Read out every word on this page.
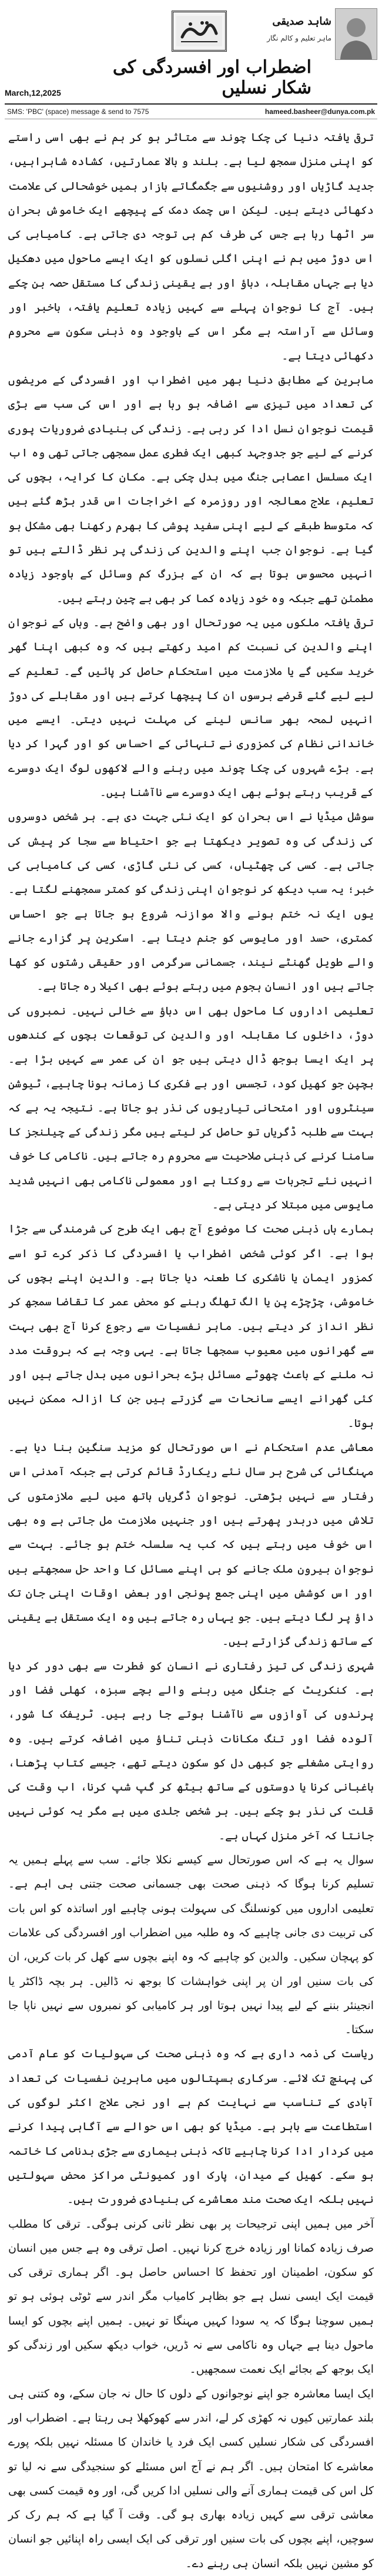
اضطراب اور افسردگی کی شکار نسلیں
March,12,2025
شاہد صدیقی
ماہر تعلیم و کالم نگار
SMS: 'PBC' (space) message & send to 7575	hameed.basheer@dunya.com.pk

ترقی یافتہ دنیا کی چکا چوند سے متاثر ہو کر ہم نے بھی اسی راستے کو اپنی منزل سمجھ لیا ہے۔ بلند و بالا عمارتیں، کشادہ شاہراہیں، جدید گاڑیاں اور روشنیوں سے جگمگاتے بازار ہمیں خوشحالی کی علامت دکھائی دیتے ہیں۔ لیکن اس چمک دمک کے پیچھے ایک خاموش بحران سر اٹھا رہا ہے جس کی طرف کم ہی توجہ دی جاتی ہے۔ کامیابی کی اس دوڑ میں ہم نے اپنی اگلی نسلوں کو ایک ایسے ماحول میں دھکیل دیا ہے جہاں مقابلہ، دباؤ اور بے یقینی زندگی کا مستقل حصہ بن چکے ہیں۔ آج کا نوجوان پہلے سے کہیں زیادہ تعلیم یافتہ، باخبر اور وسائل سے آراستہ ہے مگر اس کے باوجود وہ ذہنی سکون سے محروم دکھائی دیتا ہے۔

ماہرین کے مطابق دنیا بھر میں اضطراب اور افسردگی کے مریضوں کی تعداد میں تیزی سے اضافہ ہو رہا ہے اور اس کی سب سے بڑی قیمت نوجوان نسل ادا کر رہی ہے۔ زندگی کی بنیادی ضروریات پوری کرنے کے لیے جو جدوجہد کبھی ایک فطری عمل سمجھی جاتی تھی وہ اب ایک مسلسل اعصابی جنگ میں بدل چکی ہے۔ مکان کا کرایہ، بچوں کی تعلیم، علاج معالجہ اور روزمرہ کے اخراجات اس قدر بڑھ گئے ہیں کہ متوسط طبقے کے لیے اپنی سفید پوشی کا بھرم رکھنا بھی مشکل ہو گیا ہے۔ نوجوان جب اپنے والدین کی زندگی پر نظر ڈالتے ہیں تو انہیں محسوس ہوتا ہے کہ ان کے بزرگ کم وسائل کے باوجود زیادہ مطمئن تھے جبکہ وہ خود زیادہ کما کر بھی بے چین رہتے ہیں۔

ترقی یافتہ ملکوں میں یہ صورتحال اور بھی واضح ہے۔ وہاں کے نوجوان اپنے والدین کی نسبت کم امید رکھتے ہیں کہ وہ کبھی اپنا گھر خرید سکیں گے یا ملازمت میں استحکام حاصل کر پائیں گے۔ تعلیم کے لیے لیے گئے قرضے برسوں ان کا پیچھا کرتے ہیں اور مقابلے کی دوڑ انہیں لمحہ بھر سانس لینے کی مہلت نہیں دیتی۔ ایسے میں خاندانی نظام کی کمزوری نے تنہائی کے احساس کو اور گہرا کر دیا ہے۔ بڑے شہروں کی چکا چوند میں رہنے والے لاکھوں لوگ ایک دوسرے کے قریب رہتے ہوئے بھی ایک دوسرے سے ناآشنا ہیں۔

سوشل میڈیا نے اس بحران کو ایک نئی جہت دی ہے۔ ہر شخص دوسروں کی زندگی کی وہ تصویر دیکھتا ہے جو احتیاط سے سجا کر پیش کی جاتی ہے۔ کسی کی چھٹیاں، کسی کی نئی گاڑی، کسی کی کامیابی کی خبر؛ یہ سب دیکھ کر نوجوان اپنی زندگی کو کمتر سمجھنے لگتا ہے۔ یوں ایک نہ ختم ہونے والا موازنہ شروع ہو جاتا ہے جو احساس کمتری، حسد اور مایوسی کو جنم دیتا ہے۔ اسکرین پر گزارے جانے والے طویل گھنٹے نیند، جسمانی سرگرمی اور حقیقی رشتوں کو کھا جاتے ہیں اور انسان ہجوم میں رہتے ہوئے بھی اکیلا رہ جاتا ہے۔

تعلیمی اداروں کا ماحول بھی اس دباؤ سے خالی نہیں۔ نمبروں کی دوڑ، داخلوں کا مقابلہ اور والدین کی توقعات بچوں کے کندھوں پر ایک ایسا بوجھ ڈال دیتی ہیں جو ان کی عمر سے کہیں بڑا ہے۔ بچپن جو کھیل کود، تجسس اور بے فکری کا زمانہ ہونا چاہیے، ٹیوشن سینٹروں اور امتحانی تیاریوں کی نذر ہو جاتا ہے۔ نتیجہ یہ ہے کہ بہت سے طلبہ ڈگریاں تو حاصل کر لیتے ہیں مگر زندگی کے چیلنجز کا سامنا کرنے کی ذہنی صلاحیت سے محروم رہ جاتے ہیں۔ ناکامی کا خوف انہیں نئے تجربات سے روکتا ہے اور معمولی ناکامی بھی انہیں شدید مایوسی میں مبتلا کر دیتی ہے۔

ہمارے ہاں ذہنی صحت کا موضوع آج بھی ایک طرح کی شرمندگی سے جڑا ہوا ہے۔ اگر کوئی شخص اضطراب یا افسردگی کا ذکر کرے تو اسے کمزور ایمان یا ناشکری کا طعنہ دیا جاتا ہے۔ والدین اپنے بچوں کی خاموشی، چڑچڑے پن یا الگ تھلگ رہنے کو محض عمر کا تقاضا سمجھ کر نظر انداز کر دیتے ہیں۔ ماہر نفسیات سے رجوع کرنا آج بھی بہت سے گھرانوں میں معیوب سمجھا جاتا ہے۔ یہی وجہ ہے کہ بروقت مدد نہ ملنے کے باعث چھوٹے مسائل بڑے بحرانوں میں بدل جاتے ہیں اور کئی گھرانے ایسے سانحات سے گزرتے ہیں جن کا ازالہ ممکن نہیں ہوتا۔

معاشی عدم استحکام نے اس صورتحال کو مزید سنگین بنا دیا ہے۔ مہنگائی کی شرح ہر سال نئے ریکارڈ قائم کرتی ہے جبکہ آمدنی اس رفتار سے نہیں بڑھتی۔ نوجوان ڈگریاں ہاتھ میں لیے ملازمتوں کی تلاش میں دربدر پھرتے ہیں اور جنہیں ملازمت مل جاتی ہے وہ بھی اس خوف میں رہتے ہیں کہ کب یہ سلسلہ ختم ہو جائے۔ بہت سے نوجوان بیرون ملک جانے کو ہی اپنے مسائل کا واحد حل سمجھتے ہیں اور اس کوشش میں اپنی جمع پونجی اور بعض اوقات اپنی جان تک داؤ پر لگا دیتے ہیں۔ جو یہاں رہ جاتے ہیں وہ ایک مستقل بے یقینی کے ساتھ زندگی گزارتے ہیں۔

شہری زندگی کی تیز رفتاری نے انسان کو فطرت سے بھی دور کر دیا ہے۔ کنکریٹ کے جنگل میں رہنے والے بچے سبزہ، کھلی فضا اور پرندوں کی آوازوں سے ناآشنا ہوتے جا رہے ہیں۔ ٹریفک کا شور، آلودہ فضا اور تنگ مکانات ذہنی تناؤ میں اضافہ کرتے ہیں۔ وہ روایتی مشغلے جو کبھی دل کو سکون دیتے تھے، جیسے کتاب پڑھنا، باغبانی کرنا یا دوستوں کے ساتھ بیٹھ کر گپ شپ کرنا، اب وقت کی قلت کی نذر ہو چکے ہیں۔ ہر شخص جلدی میں ہے مگر یہ کوئی نہیں جانتا کہ آخر منزل کہاں ہے۔

سوال یہ ہے کہ اس صورتحال سے کیسے نکلا جائے۔ سب سے پہلے ہمیں یہ تسلیم کرنا ہوگا کہ ذہنی صحت بھی جسمانی صحت جتنی ہی اہم ہے۔ تعلیمی اداروں میں کونسلنگ کی سہولت ہونی چاہیے اور اساتذہ کو اس بات کی تربیت دی جانی چاہیے کہ وہ طلبہ میں اضطراب اور افسردگی کی علامات کو پہچان سکیں۔ والدین کو چاہیے کہ وہ اپنے بچوں سے کھل کر بات کریں، ان کی بات سنیں اور ان پر اپنی خواہشات کا بوجھ نہ ڈالیں۔ ہر بچہ ڈاکٹر یا انجینئر بننے کے لیے پیدا نہیں ہوتا اور ہر کامیابی کو نمبروں سے نہیں ناپا جا سکتا۔

ریاست کی ذمہ داری ہے کہ وہ ذہنی صحت کی سہولیات کو عام آدمی کی پہنچ تک لائے۔ سرکاری ہسپتالوں میں ماہرین نفسیات کی تعداد آبادی کے تناسب سے نہایت کم ہے اور نجی علاج اکثر لوگوں کی استطاعت سے باہر ہے۔ میڈیا کو بھی اس حوالے سے آگاہی پیدا کرنے میں کردار ادا کرنا چاہیے تاکہ ذہنی بیماری سے جڑی بدنامی کا خاتمہ ہو سکے۔ کھیل کے میدان، پارک اور کمیونٹی مراکز محض سہولتیں نہیں بلکہ ایک صحت مند معاشرے کی بنیادی ضرورت ہیں۔

آخر میں ہمیں اپنی ترجیحات پر بھی نظر ثانی کرنی ہوگی۔ ترقی کا مطلب صرف زیادہ کمانا اور زیادہ خرچ کرنا نہیں۔ اصل ترقی وہ ہے جس میں انسان کو سکون، اطمینان اور تحفظ کا احساس حاصل ہو۔ اگر ہماری ترقی کی قیمت ایک ایسی نسل ہے جو بظاہر کامیاب مگر اندر سے ٹوٹی ہوئی ہو تو ہمیں سوچنا ہوگا کہ یہ سودا کہیں مہنگا تو نہیں۔ ہمیں اپنے بچوں کو ایسا ماحول دینا ہے جہاں وہ ناکامی سے نہ ڈریں، خواب دیکھ سکیں اور زندگی کو ایک بوجھ کے بجائے ایک نعمت سمجھیں۔

ایک ایسا معاشرہ جو اپنے نوجوانوں کے دلوں کا حال نہ جان سکے، وہ کتنی ہی بلند عمارتیں کیوں نہ کھڑی کر لے، اندر سے کھوکھلا ہی رہتا ہے۔ اضطراب اور افسردگی کی شکار نسلیں کسی ایک فرد یا خاندان کا مسئلہ نہیں بلکہ پورے معاشرے کا امتحان ہیں۔ اگر ہم نے آج اس مسئلے کو سنجیدگی سے نہ لیا تو کل اس کی قیمت ہماری آنے والی نسلیں ادا کریں گی، اور وہ قیمت کسی بھی معاشی ترقی سے کہیں زیادہ بھاری ہو گی۔ وقت آ گیا ہے کہ ہم رک کر سوچیں، اپنے بچوں کی بات سنیں اور ترقی کی ایک ایسی راہ اپنائیں جو انسان کو مشین نہیں بلکہ انسان ہی رہنے دے۔
